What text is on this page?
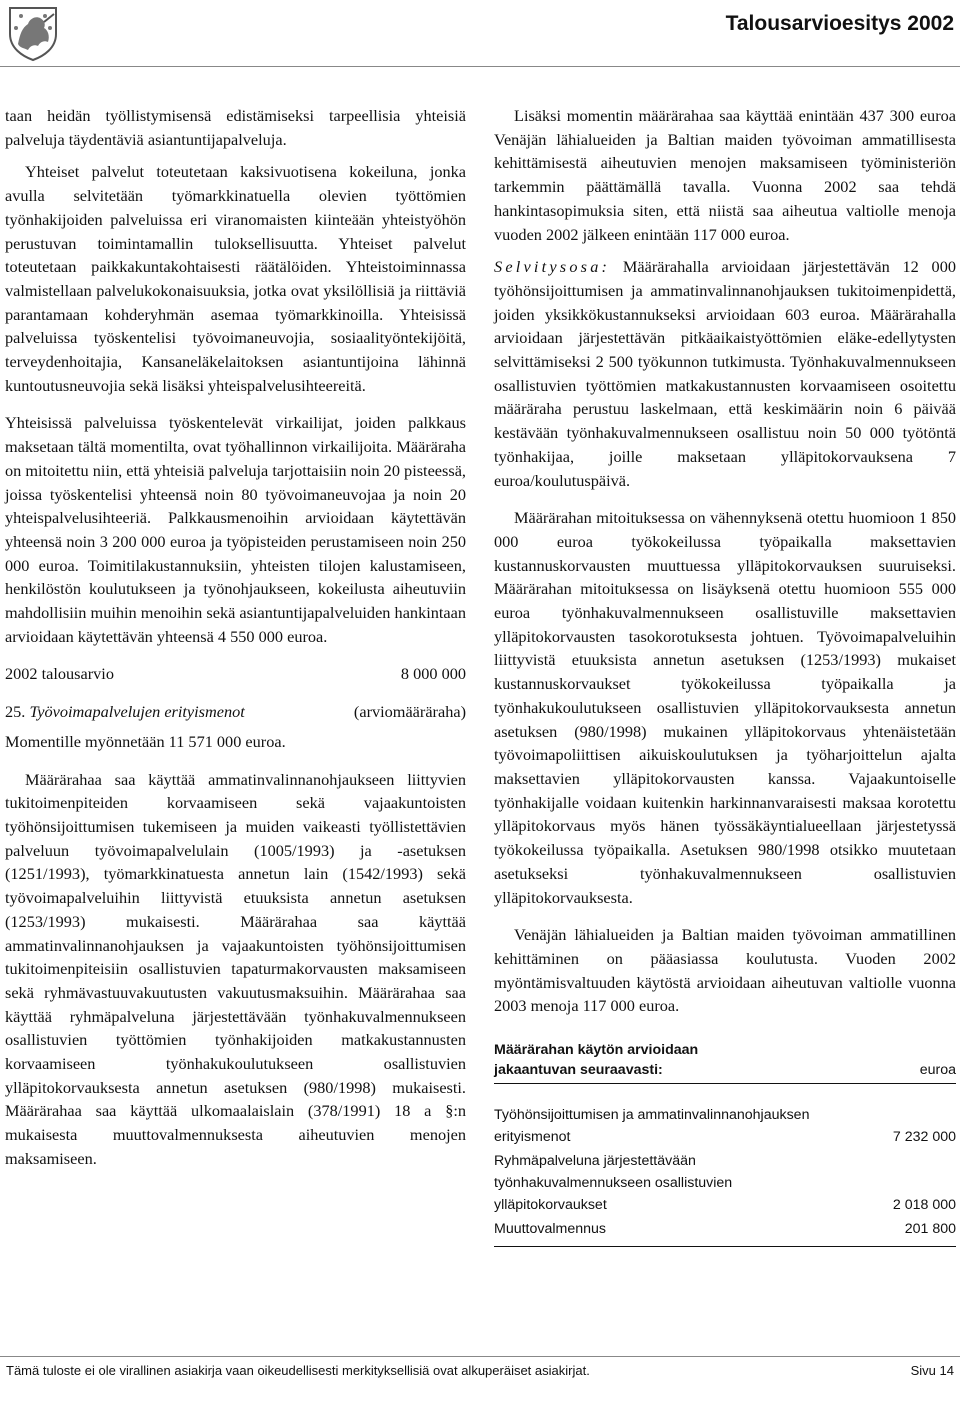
Talousarvioesitys 2002

taan heidän työllistymisensä edistämiseksi tarpeellisia yhteisiä palveluja täydentäviä asiantuntijapalveluja.

Yhteiset palvelut toteutetaan kaksivuotisena kokeiluna, jonka avulla selvitetään työmarkkinatuella olevien työttömien työnhakijoiden palveluissa eri viranomaisten kiinteään yhteistyöhön perustuvan toimintamallin tuloksellisuutta. Yhteiset palvelut toteutetaan paikkakuntakohtaisesti räätälöiden. Yhteistoiminnassa valmistellaan palvelukokonaisuuksia, jotka ovat yksilöllisiä ja riittäviä parantamaan kohderyhmän asemaa työmarkkinoilla. Yhteisissä palveluissa työskentelisi työvoimaneuvojia, sosiaalityöntekijöitä, terveydenhoitajia, Kansaneläkelaitoksen asiantuntijoina lähinnä kuntoutusneuvojia sekä lisäksi yhteispalvelusihteereitä.

Yhteisissä palveluissa työskentelevät virkailijat, joiden palkkaus maksetaan tältä momentilta, ovat työhallinnon virkailijoita. Määräraha on mitoitettu niin, että yhteisiä palveluja tarjottaisiin noin 20 pisteessä, joissa työskentelisi yhteensä noin 80 työvoimaneuvojaa ja noin 20 yhteispalvelusihteeriä. Palkkausmenoihin arvioidaan käytettävän yhteensä noin 3 200 000 euroa ja työpisteiden perustamiseen noin 250 000 euroa. Toimitilakustannuksiin, yhteisten tilojen kalustamiseen, henkilöstön koulutukseen ja työnohjaukseen, kokeilusta aiheutuviin mahdollisiin muihin menoihin sekä asiantuntijapalveluiden hankintaan arvioidaan käytettävän yhteensä 4 550 000 euroa.

2002 talousarvio	8 000 000
25. Työvoimapalvelujen erityismenot	(arviomääräraha)

Momentille myönnetään 11 571 000 euroa.

Määrärahaa saa käyttää ammatinvalinnanohjaukseen liittyvien tukitoimenpiteiden korvaamiseen sekä vajaakuntoisten työhönsijoittumisen tukemiseen ja muiden vaikeasti työllistettävien palveluun työvoimapalvelulain (1005/1993) ja -asetuksen (1251/1993), työmarkkinatuesta annetun lain (1542/1993) sekä työvoimapalveluihin liittyvistä etuuksista annetun asetuksen (1253/1993) mukaisesti. Määrärahaa saa käyttää ammatinvalinnanohjauksen ja vajaakuntoisten työhönsijoittumisen tukitoimenpiteisiin osallistuvien tapaturmakorvausten maksamiseen sekä ryhmävastuuvakuutusten vakuutusmaksuihin. Määrärahaa saa käyttää ryhmäpalveluna järjestettävään työnhakuvalmennukseen osallistuvien työttömien työnhakijoiden matkakustannusten korvaamiseen työnhakukoulutukseen osallistuvien ylläpitokorvauksesta annetun asetuksen (980/1998) mukaisesti. Määrärahaa saa käyttää ulkomaalaislain (378/1991) 18 a §:n mukaisesta muuttovalmennuksesta aiheutuvien menojen maksamiseen.

Lisäksi momentin määrärahaa saa käyttää enintään 437 300 euroa Venäjän lähialueiden ja Baltian maiden työvoiman ammatillisesta kehittämisestä aiheutuvien menojen maksamiseen työministeriön tarkemmin päättämällä tavalla. Vuonna 2002 saa tehdä hankintasopimuksia siten, että niistä saa aiheutua valtiolle menoja vuoden 2002 jälkeen enintään 117 000 euroa.

Selvitysosa: Määrärahalla arvioidaan järjestettävän 12 000 työhönsijoittumisen ja ammatinvalinnanohjauksen tukitoimenpidettä, joiden yksikkökustannukseksi arvioidaan 603 euroa. Määrärahalla arvioidaan järjestettävän pitkäaikaistyöttömien eläke-edellytysten selvittämiseksi 2 500 työkunnon tutkimusta. Työnhakuvalmennukseen osallistuvien työttömien matkakustannusten korvaamiseen osoitettu määräraha perustuu laskelmaan, että keskimäärin noin 6 päivää kestävään työnhakuvalmennukseen osallistuu noin 50 000 työtöntä työnhakijaa, joille maksetaan ylläpitokorvauksena 7 euroa/koulutuspäivä.

Määrärahan mitoituksessa on vähennyksenä otettu huomioon 1 850 000 euroa työkokeilussa työpaikalla maksettavien kustannuskorvausten muuttuessa ylläpitokorvauksen suuruiseksi. Määrärahan mitoituksessa on lisäyksenä otettu huomioon 555 000 euroa työnhakuvalmennukseen osallistuville maksettavien ylläpitokorvausten tasokorotuksesta johtuen. Työvoimapalveluihin liittyvistä etuuksista annetun asetuksen (1253/1993) mukaiset kustannuskorvaukset työkokeilussa työpaikalla ja työnhakukoulutukseen osallistuvien ylläpitokorvauksesta annetun asetuksen (980/1998) mukainen ylläpitokorvaus yhtenäistetään työvoimapoliittisen aikuiskoulutuksen ja työharjoittelun ajalta maksettavien ylläpitokorvausten kanssa. Vajaakuntoiselle työnhakijalle voidaan kuitenkin harkinnanvaraisesti maksaa korotettu ylläpitokorvaus myös hänen työssäkäyntialueellaan järjestetyssä työkokeilussa työpaikalla. Asetuksen 980/1998 otsikko muutetaan asetukseksi työnhakuvalmennukseen osallistuvien ylläpitokorvauksesta.

Venäjän lähialueiden ja Baltian maiden työvoiman ammatillinen kehittäminen on pääasiassa koulutusta. Vuoden 2002 myöntämisvaltuuden käytöstä arvioidaan aiheutuvan valtiolle vuonna 2003 menoja 117 000 euroa.

Määrärahan käytön arvioidaan
jakaantuvan seuraavasti:	euroa
Työhönsijoittumisen ja ammatinvalinnanohjauksen erityismenot	7 232 000
Ryhmäpalveluna järjestettävään työnhakuvalmennukseen osallistuvien ylläpitokorvaukset	2 018 000
Muuttovalmennus	201 800
Tämä tuloste ei ole virallinen asiakirja vaan oikeudellisesti merkityksellisiä ovat alkuperäiset asiakirjat.	Sivu 14
